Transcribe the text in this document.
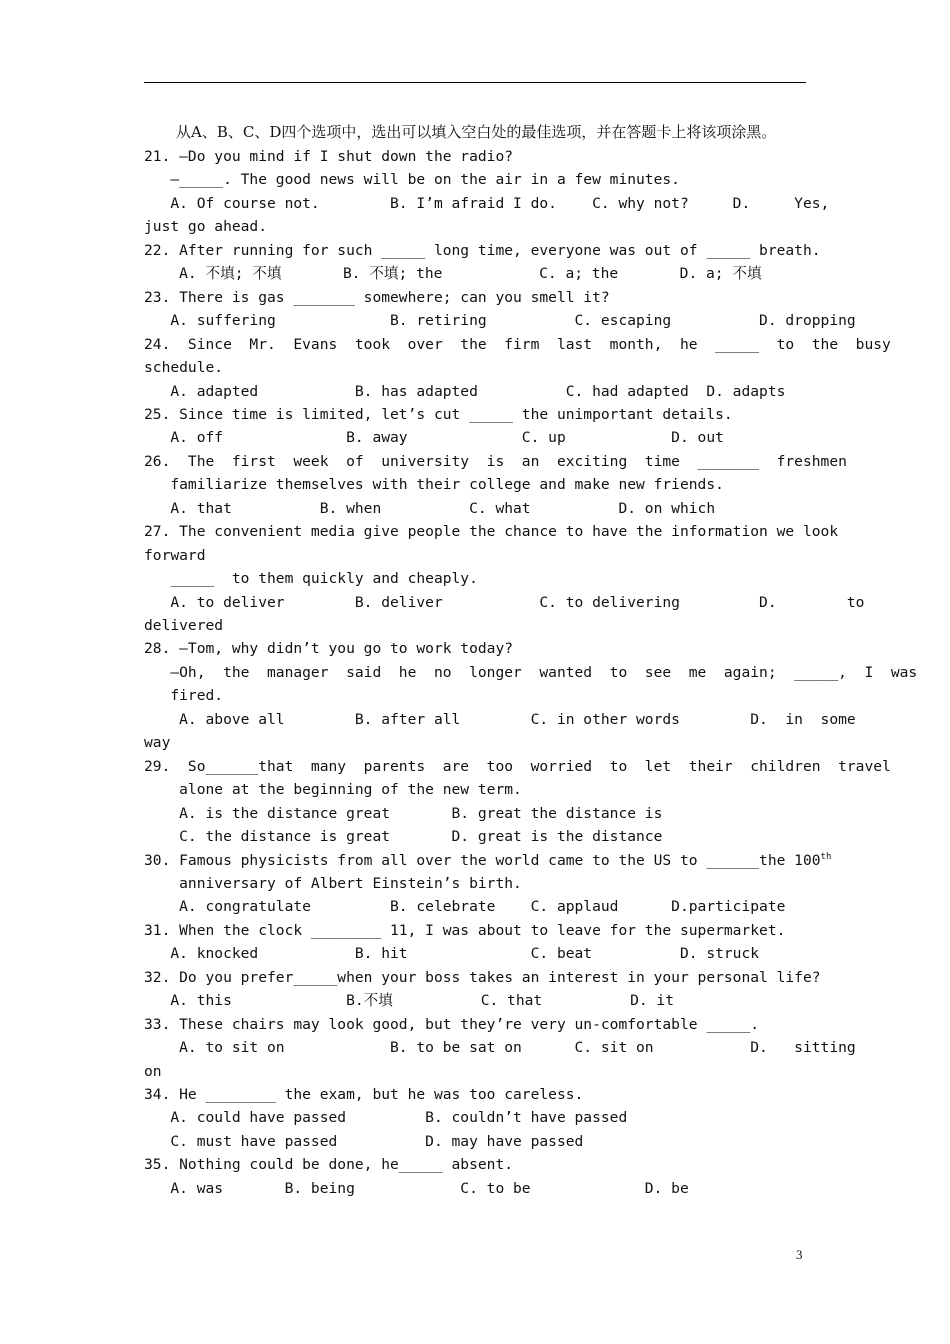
从A、B、C、D四个选项中，选出可以填入空白处的最佳选项，并在答题卡上将该项涂黑。
21. —Do you mind if I shut down the radio?
—_____. The good news will be on the air in a few minutes.
A. Of course not.        B. I’m afraid I do.    C. why not?     D.     Yes,
just go ahead.
22. After running for such _____ long time, everyone was out of _____ breath.
A. 不填; 不填       B. 不填; the           C. a; the       D. a; 不填
23. There is gas _______ somewhere; can you smell it?
A. suffering             B. retiring          C. escaping          D. dropping
24.  Since  Mr.  Evans  took  over  the  firm  last  month,  he  _____  to  the  busy
schedule.
A. adapted           B. has adapted          C. had adapted  D. adapts
25. Since time is limited, let’s cut _____ the unimportant details.
A. off              B. away             C. up            D. out
26.  The  first  week  of  university  is  an  exciting  time  _______  freshmen
familiarize themselves with their college and make new friends.
A. that          B. when          C. what          D. on which
27. The convenient media give people the chance to have the information we look
forward
_____  to them quickly and cheaply.
A. to deliver        B. deliver           C. to delivering         D.        to
delivered
28. —Tom, why didn’t you go to work today?
—Oh,  the  manager  said  he  no  longer  wanted  to  see  me  again;  _____,  I  was
fired.
A. above all        B. after all        C. in other words        D.  in  some
way
29.  So______that  many  parents  are  too  worried  to  let  their  children  travel
alone at the beginning of the new term.
A. is the distance great       B. great the distance is
C. the distance is great       D. great is the distance
30. Famous physicists from all over the world came to the US to ______the 100th
anniversary of Albert Einstein’s birth.
A. congratulate         B. celebrate    C. applaud      D.participate
31. When the clock ________ 11, I was about to leave for the supermarket.
A. knocked           B. hit              C. beat          D. struck
32. Do you prefer_____when your boss takes an interest in your personal life?
A. this             B.不填          C. that          D. it
33. These chairs may look good, but they’re very un-comfortable _____.
A. to sit on            B. to be sat on      C. sit on           D.   sitting
on
34. He ________ the exam, but he was too careless.
A. could have passed         B. couldn’t have passed
C. must have passed          D. may have passed
35. Nothing could be done, he_____ absent.
A. was       B. being            C. to be             D. be
3
